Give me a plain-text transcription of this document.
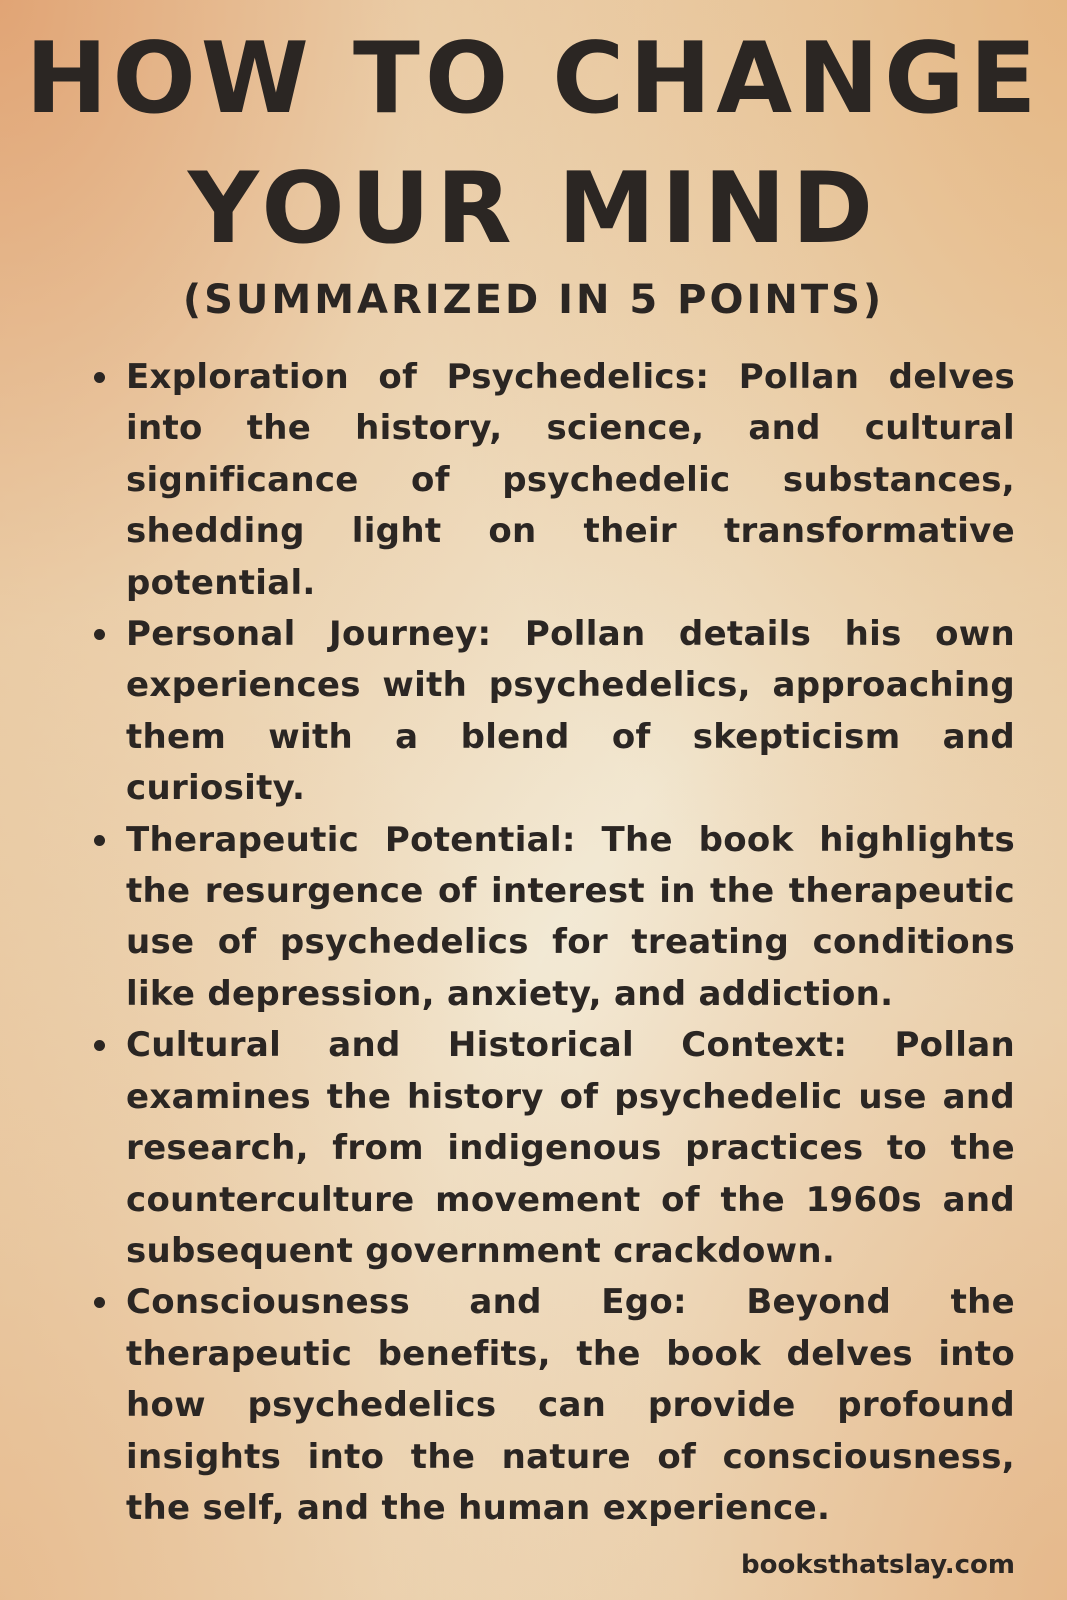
HOW TO CHANGE
YOUR MIND
(SUMMARIZED IN 5 POINTS)
Exploration of Psychedelics: Pollan delves into the history, science, and cultural significance of psychedelic substances, shedding light on their transformative potential.
Personal Journey: Pollan details his own experiences with psychedelics, approaching them with a blend of skepticism and curiosity.
Therapeutic Potential: The book highlights the resurgence of interest in the therapeutic use of psychedelics for treating conditions like depression, anxiety, and addiction.
Cultural and Historical Context: Pollan examines the history of psychedelic use and research, from indigenous practices to the counterculture movement of the 1960s and subsequent government crackdown.
Consciousness and Ego: Beyond the therapeutic benefits, the book delves into how psychedelics can provide profound insights into the nature of consciousness, the self, and the human experience.
booksthatslay.com
